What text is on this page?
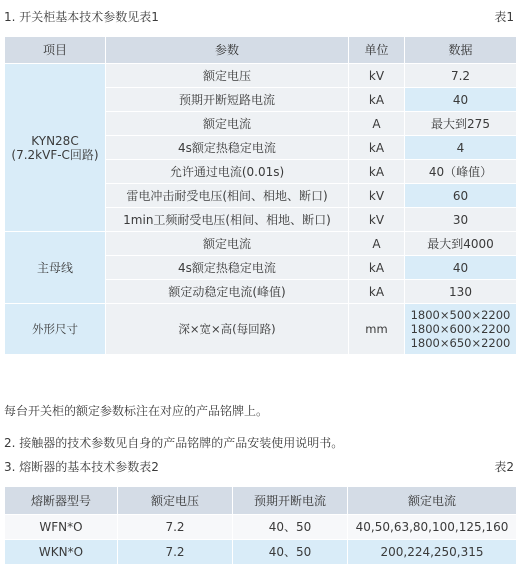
1. 开关柜基本技术参数见表1	表1
项目	参数	单位	数据
KYN28C
(7.2kVF-C回路)	额定电压	kV	7.2
	预期开断短路电流	kA	40
	额定电流	A	最大到275
	4s额定热稳定电流	kA	4
	允许通过电流(0.01s)	kA	40（峰值）
	雷电冲击耐受电压(相间、相地、断口)	kV	60
	1min工频耐受电压(相间、相地、断口)	kV	30
主母线	额定电流	A	最大到4000
	4s额定热稳定电流	kA	40
	额定动稳定电流(峰值)	kA	130
外形尺寸	深×宽×高(每回路)	mm	1800×500×2200
1800×600×2200
1800×650×2200
每台开关柜的额定参数标注在对应的产品铭牌上。
2. 接触器的技术参数见自身的产品铭牌的产品安装使用说明书。
3. 熔断器的基本技术参数表2	表2
熔断器型号	额定电压	预期开断电流	额定电流
WFN*O	7.2	40、50	40,50,63,80,100,125,160
WKN*O	7.2	40、50	200,224,250,315
